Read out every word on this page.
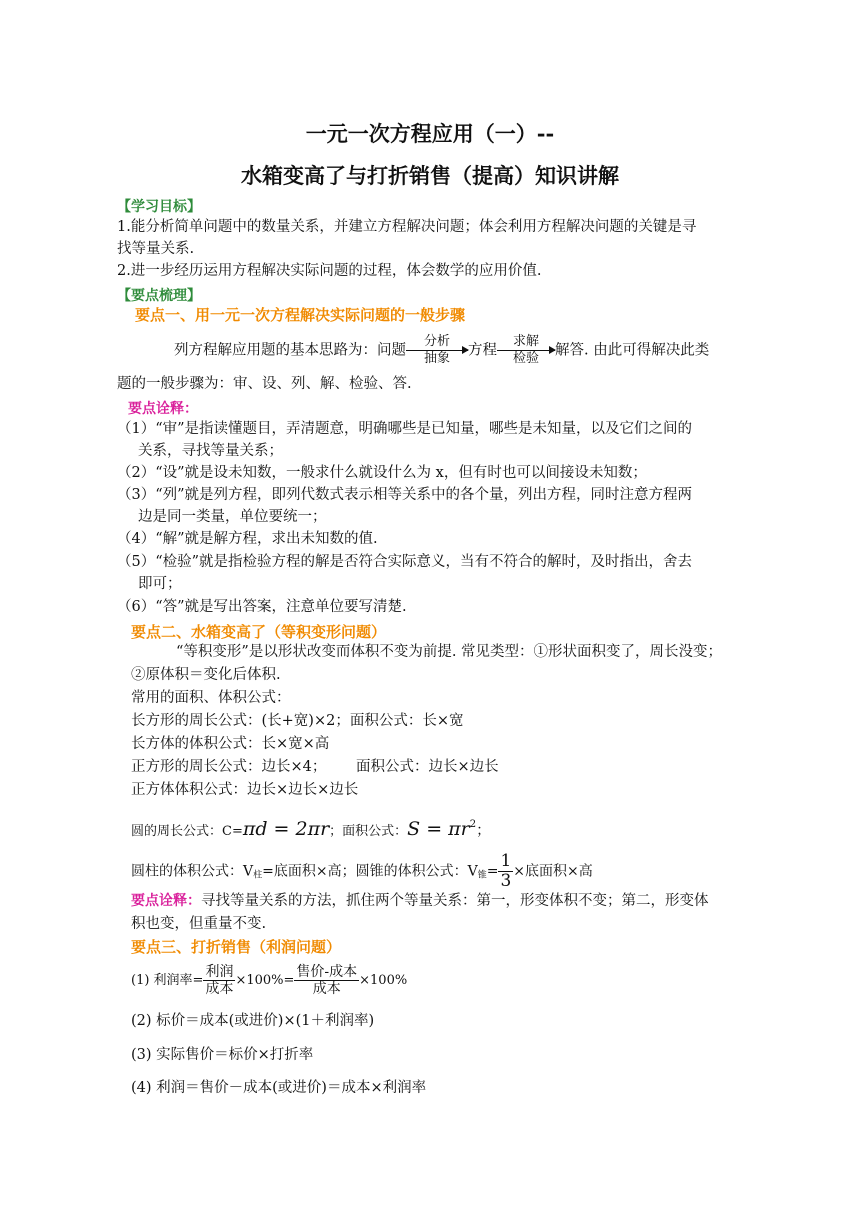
一元一次方程应用（一）--
水箱变高了与打折销售（提高）知识讲解
【学习目标】
1.能分析简单问题中的数量关系，并建立方程解决问题；体会利用方程解决问题的关键是寻
找等量关系.
2.进一步经历运用方程解决实际问题的过程，体会数学的应用价值.
【要点梳理】
要点一、用一元一次方程解决实际问题的一般步骤
列方程解应用题的基本思路为：问题
分析
抽象	方程
求解
检验	解答. 由此可得解决此类
题的一般步骤为：审、设、列、解、检验、答.
要点诠释：
（1）“审”是指读懂题目，弄清题意，明确哪些是已知量，哪些是未知量，以及它们之间的
关系，寻找等量关系；
（2）“设”就是设未知数，一般求什么就设什么为 x，但有时也可以间接设未知数；
（3）“列”就是列方程，即列代数式表示相等关系中的各个量，列出方程，同时注意方程两
边是同一类量，单位要统一；
（4）“解”就是解方程，求出未知数的值.
（5）“检验”就是指检验方程的解是否符合实际意义，当有不符合的解时，及时指出，舍去
即可；
（6）“答”就是写出答案，注意单位要写清楚.
要点二、水箱变高了（等积变形问题）
“等积变形”是以形状改变而体积不变为前提. 常见类型：①形状面积变了，周长没变；
②原体积＝变化后体积.
常用的面积、体积公式：
长方形的周长公式：(长+宽)×2；面积公式：长×宽
长方体的体积公式：长×宽×高
正方形的周长公式：边长×4； 面积公式：边长×边长
正方体体积公式：边长×边长×边长
圆的周长公式：C=πd = 2πr；面积公式：$S = \pi r^2$；
圆柱的体积公式：$V_柱=$底面积×高；圆锥的体积公式：$V_锥= \frac{1}{3}$ ×底面积×高
要点诠释：寻找等量关系的方法，抓住两个等量关系：第一，形变体积不变；第二，形变体
积也变，但重量不变.
要点三、打折销售（利润问题）
(1) 利润率= $\frac{\text{利润}}{\text{成本}} \times 100\%= \frac{\text{售价-成本}}{\text{成本}} \times 100\%$
(2) 标价＝成本(或进价)×(1＋利润率)
(3) 实际售价＝标价×打折率
(4) 利润＝售价－成本(或进价)＝成本×利润率
